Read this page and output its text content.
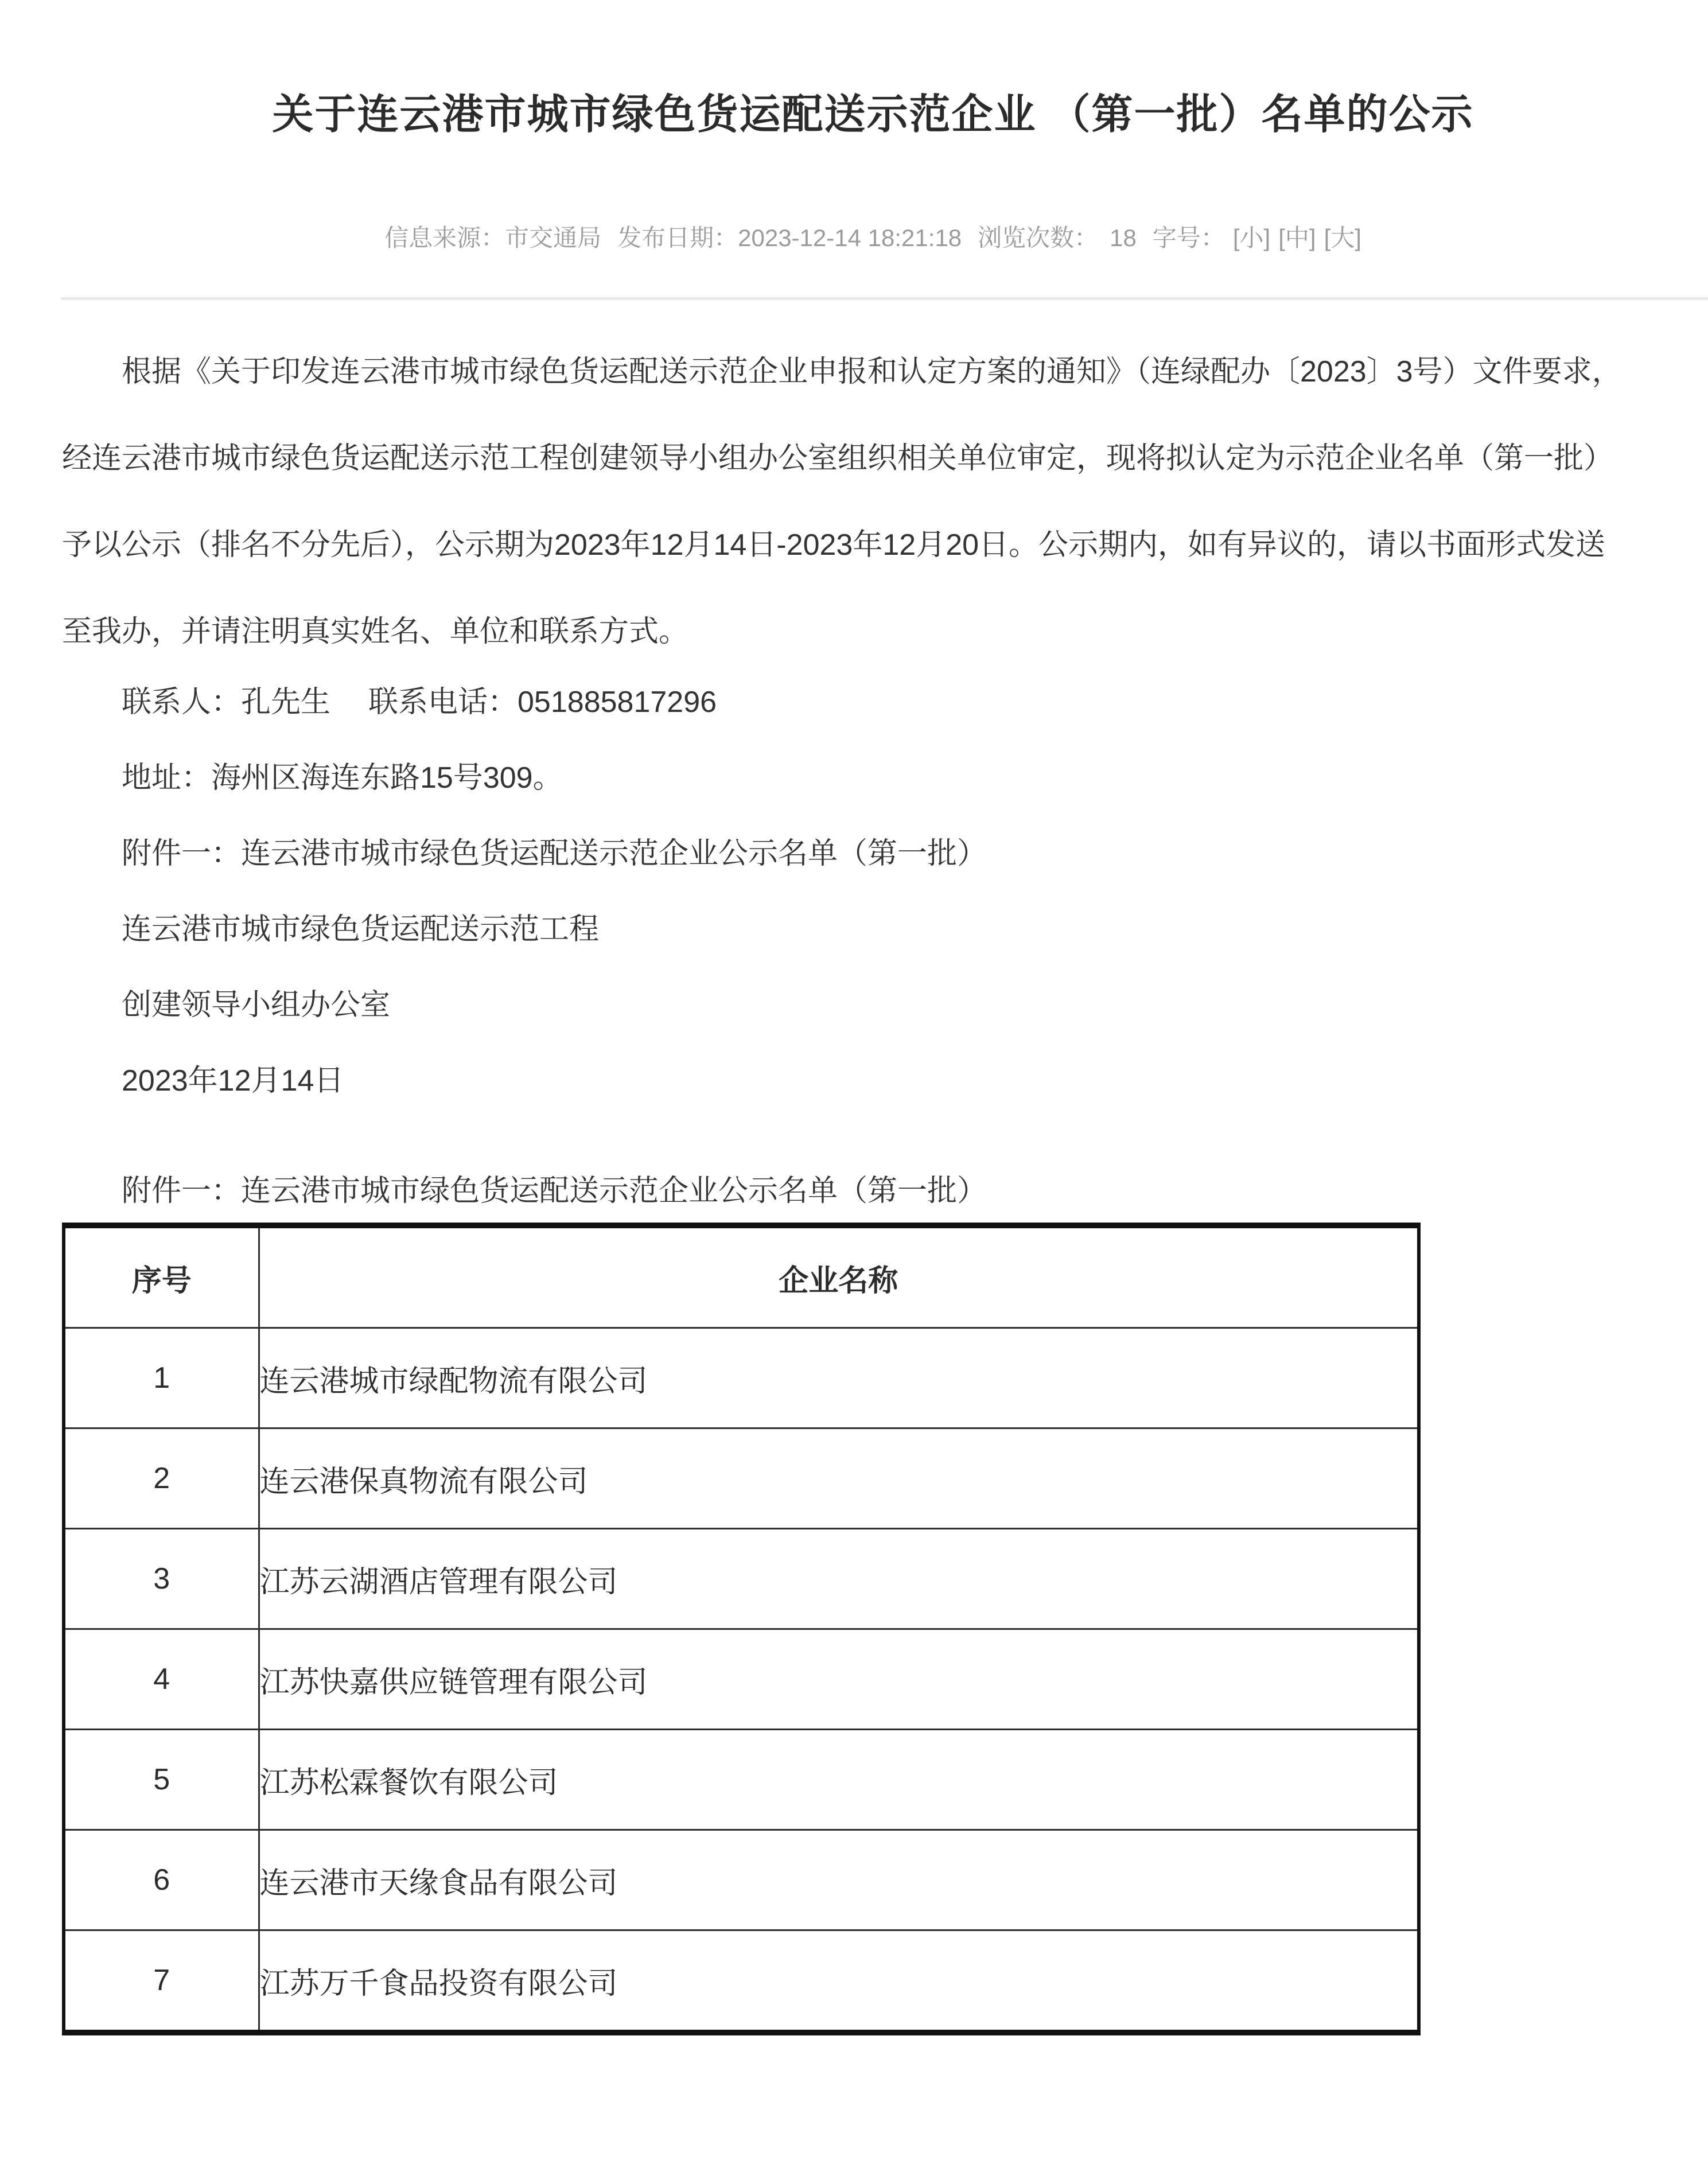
关于连云港市城市绿色货运配送示范企业 （第一批）名单的公示
信息来源： 市交通局 发布日期： 2023-12-14 18:21:18 浏览次数： 18 字号： [小] [中] [大]
根据《关于印发连云港市城市绿色货运配送示范企业申报和认定方案的通知》（连绿配办〔2023〕3号）文件要求，
经连云港市城市绿色货运配送示范工程创建领导小组办公室组织相关单位审定，现将拟认定为示范企业名单（第一批）
予以公示（排名不分先后），公示期为2023年12月14日-2023年12月20日。公示期内，如有异议的，请以书面形式发送
至我办，并请注明真实姓名、单位和联系方式。

联系人：孔先生 联系电话：051885817296

地址：海州区海连东路15号309。

附件一：连云港市城市绿色货运配送示范企业公示名单（第一批）

连云港市城市绿色货运配送示范工程

创建领导小组办公室

2023年12月14日

附件一：连云港市城市绿色货运配送示范企业公示名单（第一批）
序号	企业名称
1	连云港城市绿配物流有限公司
2	连云港保真物流有限公司
3	江苏云湖酒店管理有限公司
4	江苏快嘉供应链管理有限公司
5	江苏松霖餐饮有限公司
6	连云港市天缘食品有限公司
7	江苏万千食品投资有限公司
